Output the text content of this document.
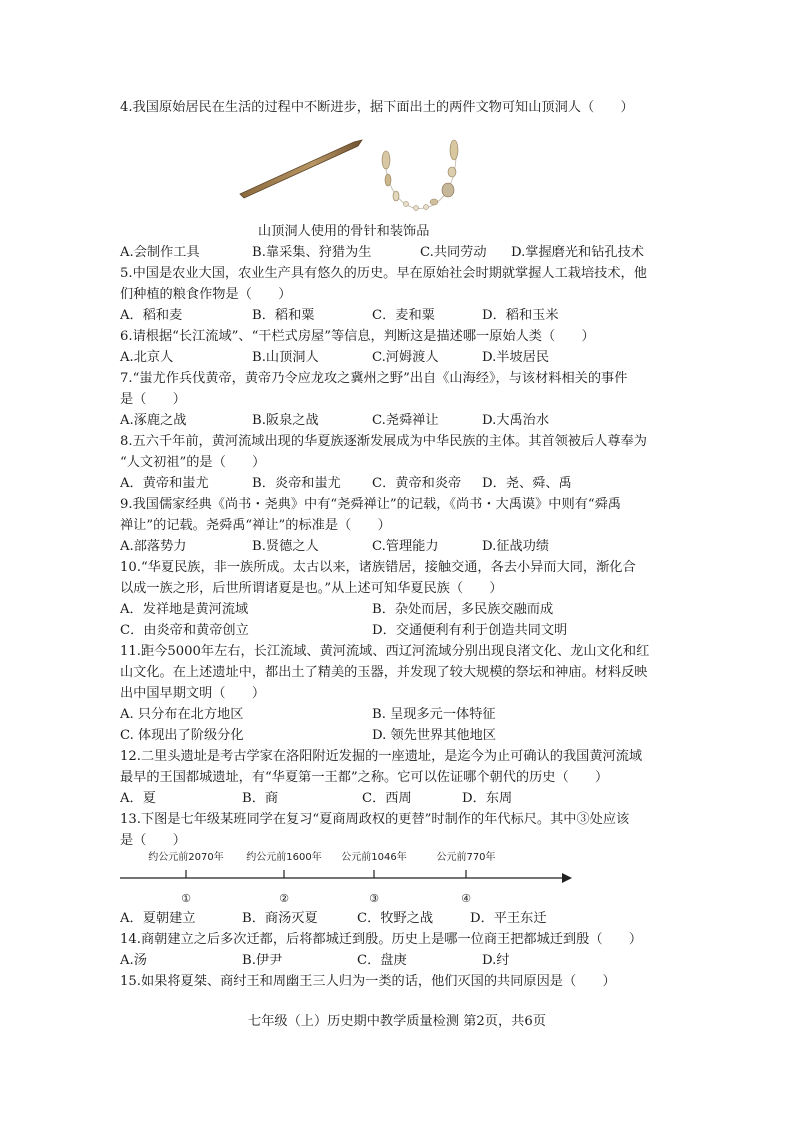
4.我国原始居民在生活的过程中不断进步，据下面出土的两件文物可知山顶洞人（　　）
山顶洞人使用的骨针和装饰品
A.会制作工具	B.靠采集、狩猎为生	C.共同劳动 D.掌握磨光和钻孔技术
5.中国是农业大国，农业生产具有悠久的历史。早在原始社会时期就掌握人工栽培技术，他
们种植的粮食作物是（　　）
A．稻和麦	B．稻和粟	C．麦和粟	D．稻和玉米
6.请根据“长江流域”、“干栏式房屋”等信息，判断这是描述哪一原始人类（　　）
A.北京人	B.山顶洞人	C.河姆渡人	D.半坡居民
7.“蚩尤作兵伐黄帝，黄帝乃令应龙攻之冀州之野”出自《山海经》，与该材料相关的事件
是（　　）
A.涿鹿之战	B.阪泉之战	C.尧舜禅让	D.大禹治水
8.五六千年前，黄河流域出现的华夏族逐渐发展成为中华民族的主体。其首领被后人尊奉为
“人文初祖”的是（　　）
A．黄帝和蚩尤	B．炎帝和蚩尤 C．黄帝和炎帝 D．尧、舜、禹
9.我国儒家经典《尚书・尧典》中有“尧舜禅让”的记载，《尚书・大禹谟》中则有“舜禹
禅让”的记载。尧舜禹“禅让”的标准是（　　）
A.部落势力	B.贤德之人	C.管理能力	D.征战功绩
10.“华夏民族，非一族所成。太古以来，诸族错居，接触交通，各去小异而大同，渐化合
以成一族之形，后世所谓诸夏是也。”从上述可知华夏民族（　　）
A．发祥地是黄河流域	B．杂处而居，多民族交融而成
C．由炎帝和黄帝创立	D．交通便利有利于创造共同文明
11.距今5000年左右，长江流域、黄河流域、西辽河流域分别出现良渚文化、龙山文化和红
山文化。在上述遗址中，都出土了精美的玉器，并发现了较大规模的祭坛和神庙。材料反映
出中国早期文明（　　）
A. 只分布在北方地区	B. 呈现多元一体特征
C. 体现出了阶级分化	D. 领先世界其他地区
12.二里头遗址是考古学家在洛阳附近发掘的一座遗址，是迄今为止可确认的我国黄河流域
最早的王国都城遗址，有“华夏第一王都”之称。它可以佐证哪个朝代的历史（　　）
A．夏	B．商	C．西周	D．东周
13.下图是七年级某班同学在复习“夏商周政权的更替”时制作的年代标尺。其中③处应该
是（　　）
约公元前2070年 约公元前1600年 公元前1046年	公元前770年
①	②	③	④
A．夏朝建立	B．商汤灭夏	C．牧野之战	D．平王东迁
14.商朝建立之后多次迁都，后将都城迁到殷。历史上是哪一位商王把都城迁到殷（　　）
A.汤	B.伊尹	C．盘庚	D.纣
15.如果将夏桀、商纣王和周幽王三人归为一类的话，他们灭国的共同原因是（　　）
七年级（上）历史期中教学质量检测 第2页，共6页
